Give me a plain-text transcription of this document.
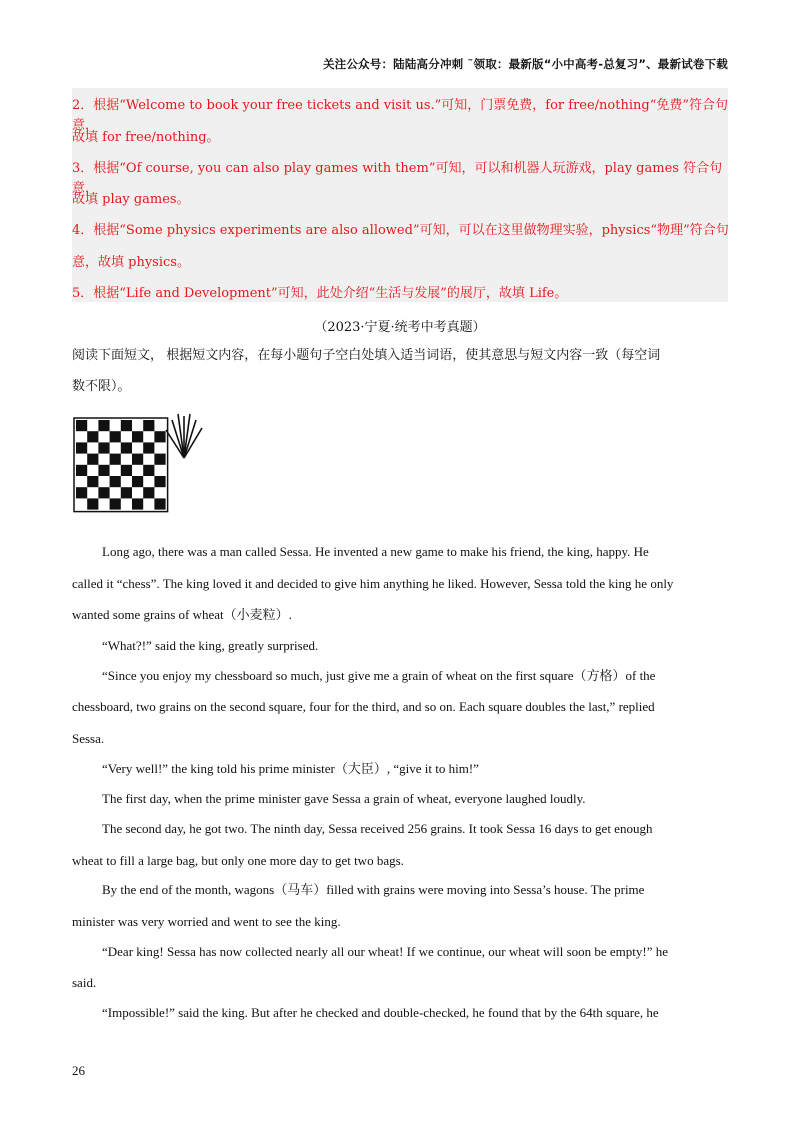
关注公众号：陆陆高分冲刺 ˜领取：最新版“小中高考-总复习”、最新试卷下载
2．根据“Welcome to book your free tickets and visit us.”可知，门票免费，for free/nothing“免费”符合句意，
故填 for free/nothing。
3．根据“Of course, you can also play games with them”可知，可以和机器人玩游戏，play games 符合句意，
故填 play games。
4．根据“Some physics experiments are also allowed”可知，可以在这里做物理实验，physics“物理”符合句
意，故填 physics。
5．根据“Life and Development”可知，此处介绍“生活与发展”的展厅，故填 Life。
（2023·宁夏·统考中考真题）
阅读下面短文， 根据短文内容，在每小题句子空白处填入适当词语，使其意思与短文内容一致（每空词
数不限）。
Long ago, there was a man called Sessa. He invented a new game to make his friend, the king, happy. He
called it “chess”. The king loved it and decided to give him anything he liked. However, Sessa told the king he only
wanted some grains of wheat（小麦粒）.
“What?!” said the king, greatly surprised.
“Since you enjoy my chessboard so much, just give me a grain of wheat on the first square（方格）of the
chessboard, two grains on the second square, four for the third, and so on. Each square doubles the last,” replied
Sessa.
“Very well!” the king told his prime minister（大臣）, “give it to him!”
The first day, when the prime minister gave Sessa a grain of wheat, everyone laughed loudly.
The second day, he got two. The ninth day, Sessa received 256 grains. It took Sessa 16 days to get enough
wheat to fill a large bag, but only one more day to get two bags.
By the end of the month, wagons（马车）filled with grains were moving into Sessa’s house. The prime
minister was very worried and went to see the king.
“Dear king! Sessa has now collected nearly all our wheat! If we continue, our wheat will soon be empty!” he
said.
“Impossible!” said the king. But after he checked and double-checked, he found that by the 64th square, he
26
